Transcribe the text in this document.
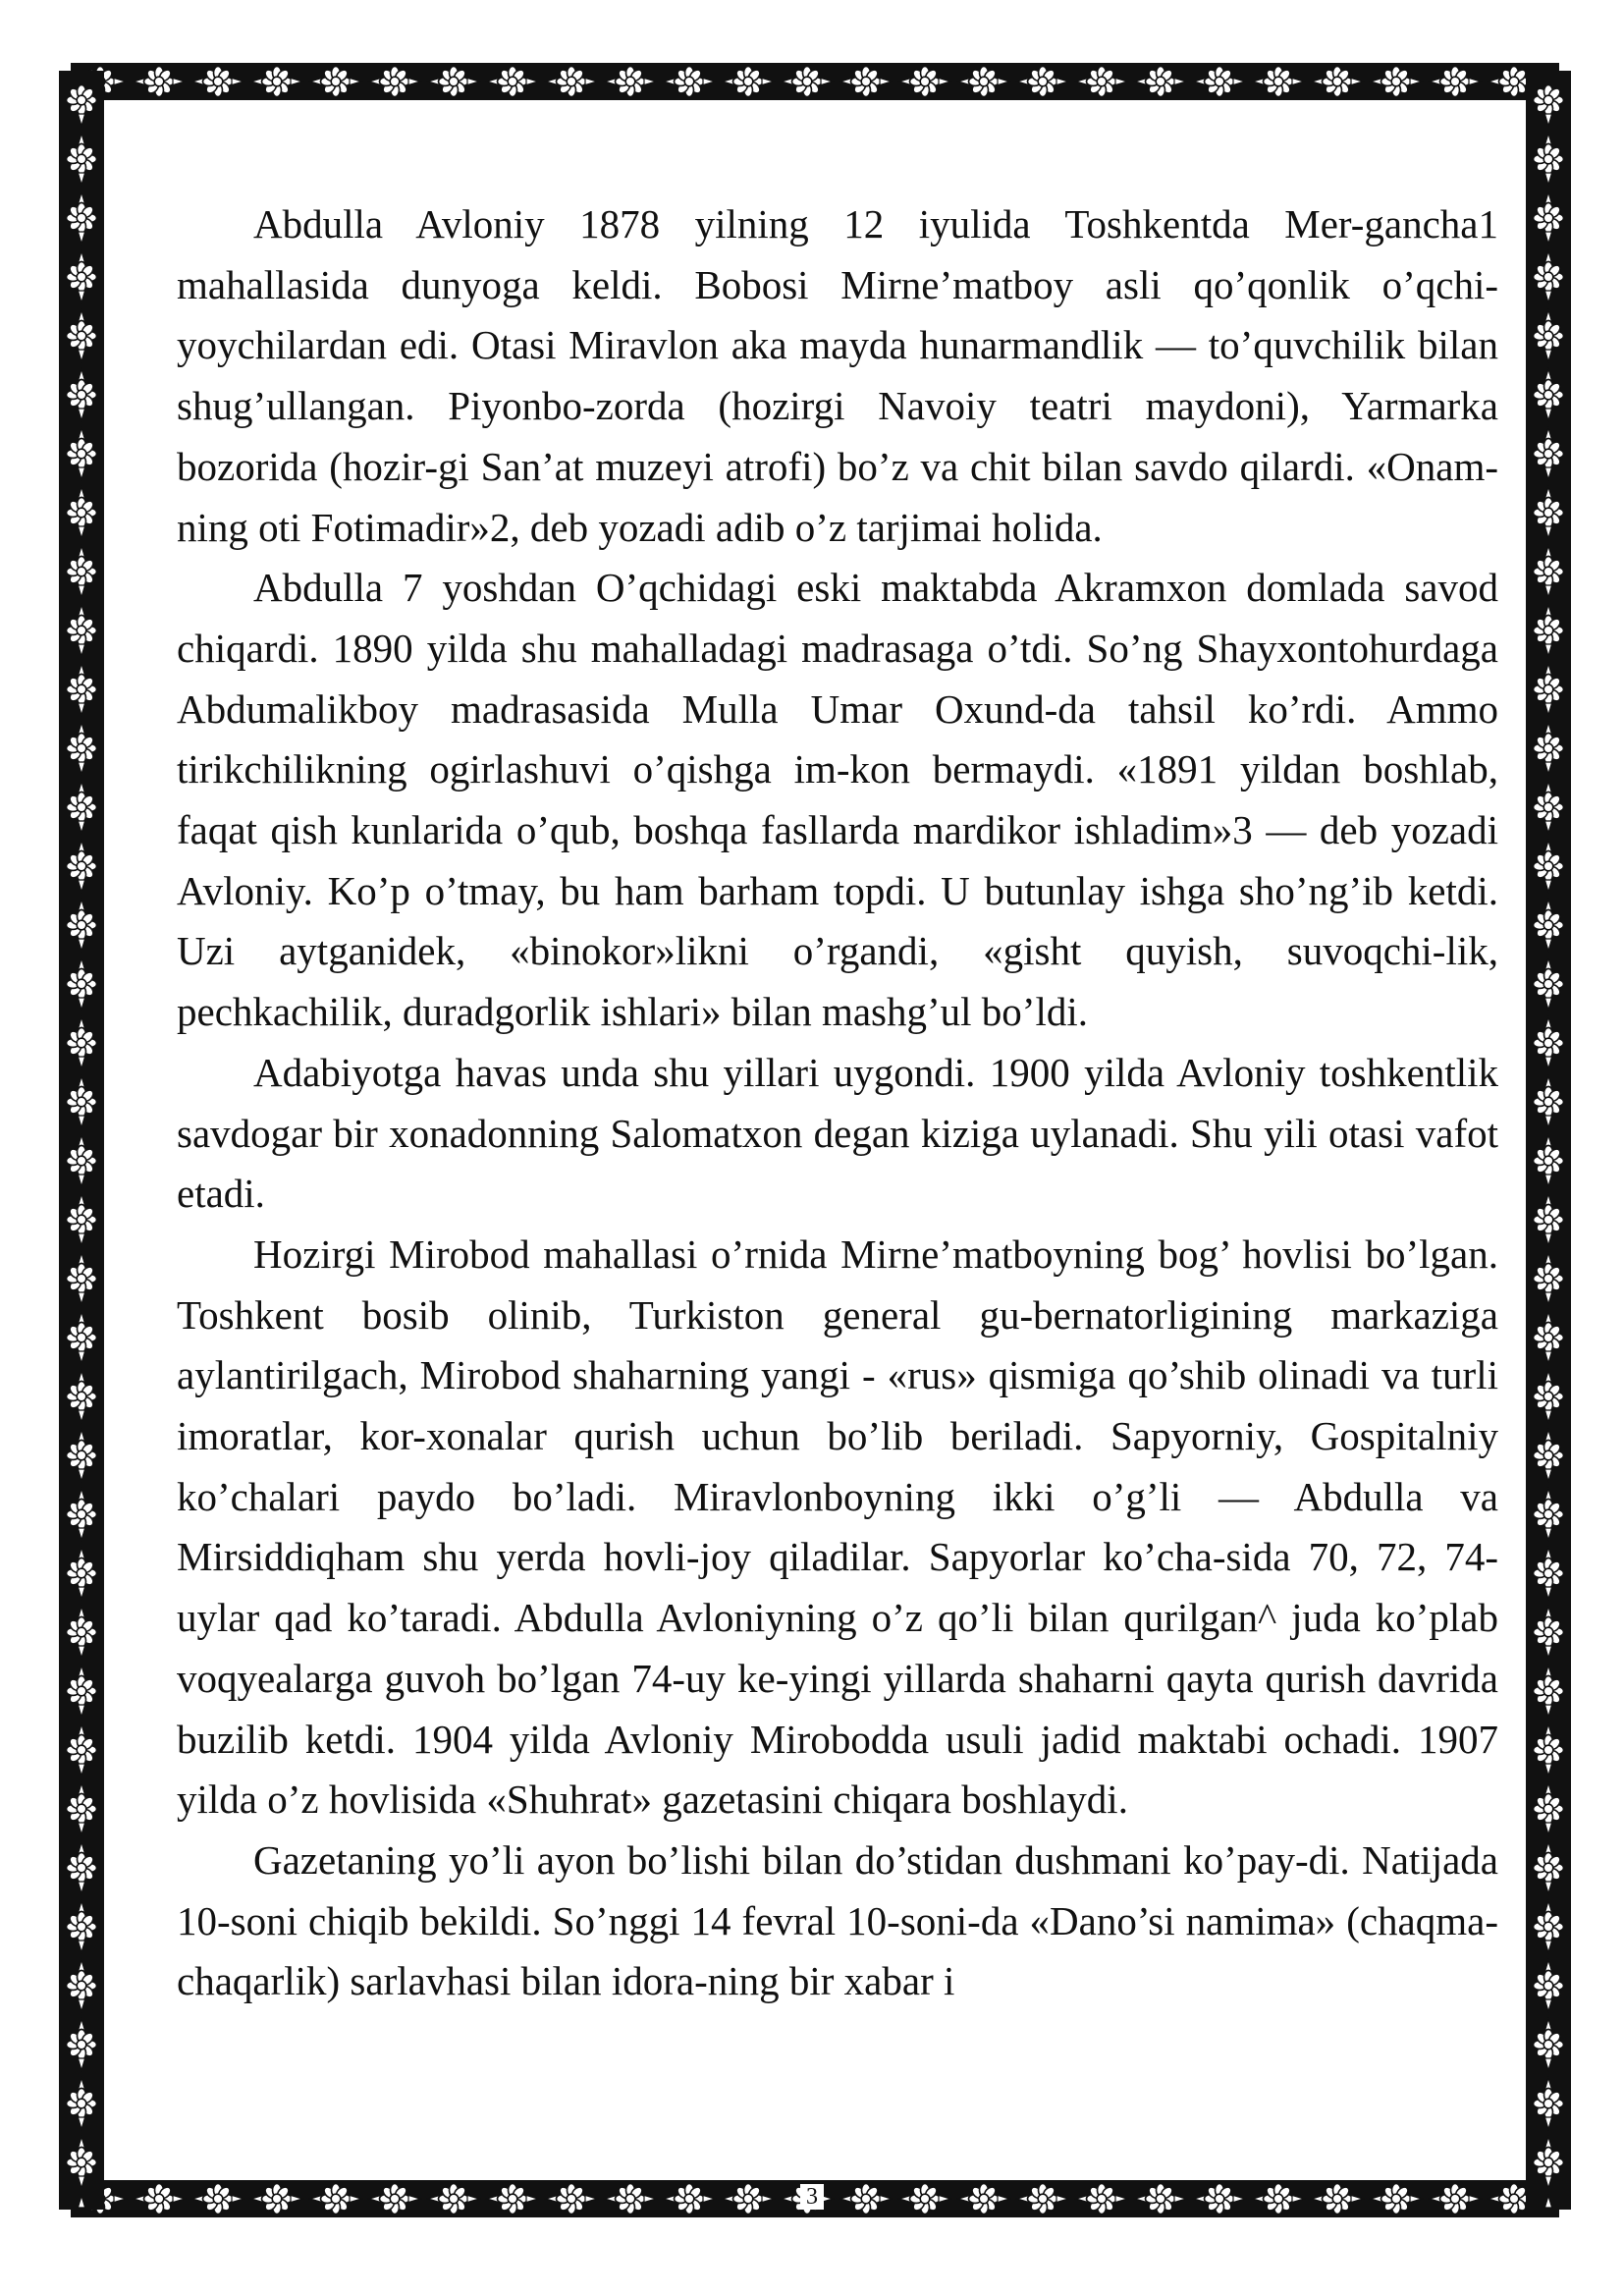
Abdulla Avloniy 1878 yilning 12 iyulida Toshkentda Mer-gancha1 mahallasida dunyoga keldi. Bobosi Mirne’matboy asli qo’qonlik o’qchi-yoychilardan edi. Otasi Miravlon aka mayda hunarmandlik — to’quvchilik bilan shug’ullangan. Piyonbo-zorda (hozirgi Navoiy teatri maydoni), Yarmarka bozorida (hozir-gi San’at muzeyi atrofi) bo’z va chit bilan savdo qilardi. «Onam-ning oti Fotimadir»2, deb yozadi adib o’z tarjimai holida.

Abdulla 7 yoshdan O’qchidagi eski maktabda Akramxon domlada savod chiqardi. 1890 yilda shu mahalladagi madrasaga o’tdi. So’ng Shayxontohurdaga Abdumalikboy madrasasida Mulla Umar Oxund-da tahsil ko’rdi. Ammo tirikchilikning ogirlashuvi o’qishga im-kon bermaydi. «1891 yildan boshlab, faqat qish kunlarida o’qub, boshqa fasllarda mardikor ishladim»3 — deb yozadi Avloniy. Ko’p o’tmay, bu ham barham topdi. U butunlay ishga sho’ng’ib ketdi. Uzi aytganidek, «binokor»likni o’rgandi, «gisht quyish, suvoqchi-lik, pechkachilik, duradgorlik ishlari» bilan mashg’ul bo’ldi.

Adabiyotga havas unda shu yillari uygondi. 1900 yilda Avloniy toshkentlik savdogar bir xonadonning Salomatxon degan kiziga uylanadi. Shu yili otasi vafot etadi.

Hozirgi Mirobod mahallasi o’rnida Mirne’matboyning bog’ hovlisi bo’lgan. Toshkent bosib olinib, Turkiston general gu-bernatorligining markaziga aylantirilgach, Mirobod shaharning yangi - «rus» qismiga qo’shib olinadi va turli imoratlar, kor-xonalar qurish uchun bo’lib beriladi. Sapyorniy, Gospitalniy ko’chalari paydo bo’ladi. Miravlonboyning ikki o’g’li — Abdulla va Mirsiddiqham shu yerda hovli-joy qiladilar. Sapyorlar ko’cha-sida 70, 72, 74-uylar qad ko’taradi. Abdulla Avloniyning o’z qo’li bilan qurilgan^ juda ko’plab voqyealarga guvoh bo’lgan 74-uy ke-yingi yillarda shaharni qayta qurish davrida buzilib ketdi. 1904 yilda Avloniy Mirobodda usuli jadid maktabi ochadi. 1907 yilda o’z hovlisida «Shuhrat» gazetasini chiqara boshlaydi.

Gazetaning yo’li ayon bo’lishi bilan do’stidan dushmani ko’pay-di. Natijada 10-soni chiqib bekildi. So’nggi 14 fevral 10-soni-da «Dano’si namima» (chaqma-chaqarlik) sarlavhasi bilan idora-ning bir xabar i

3
